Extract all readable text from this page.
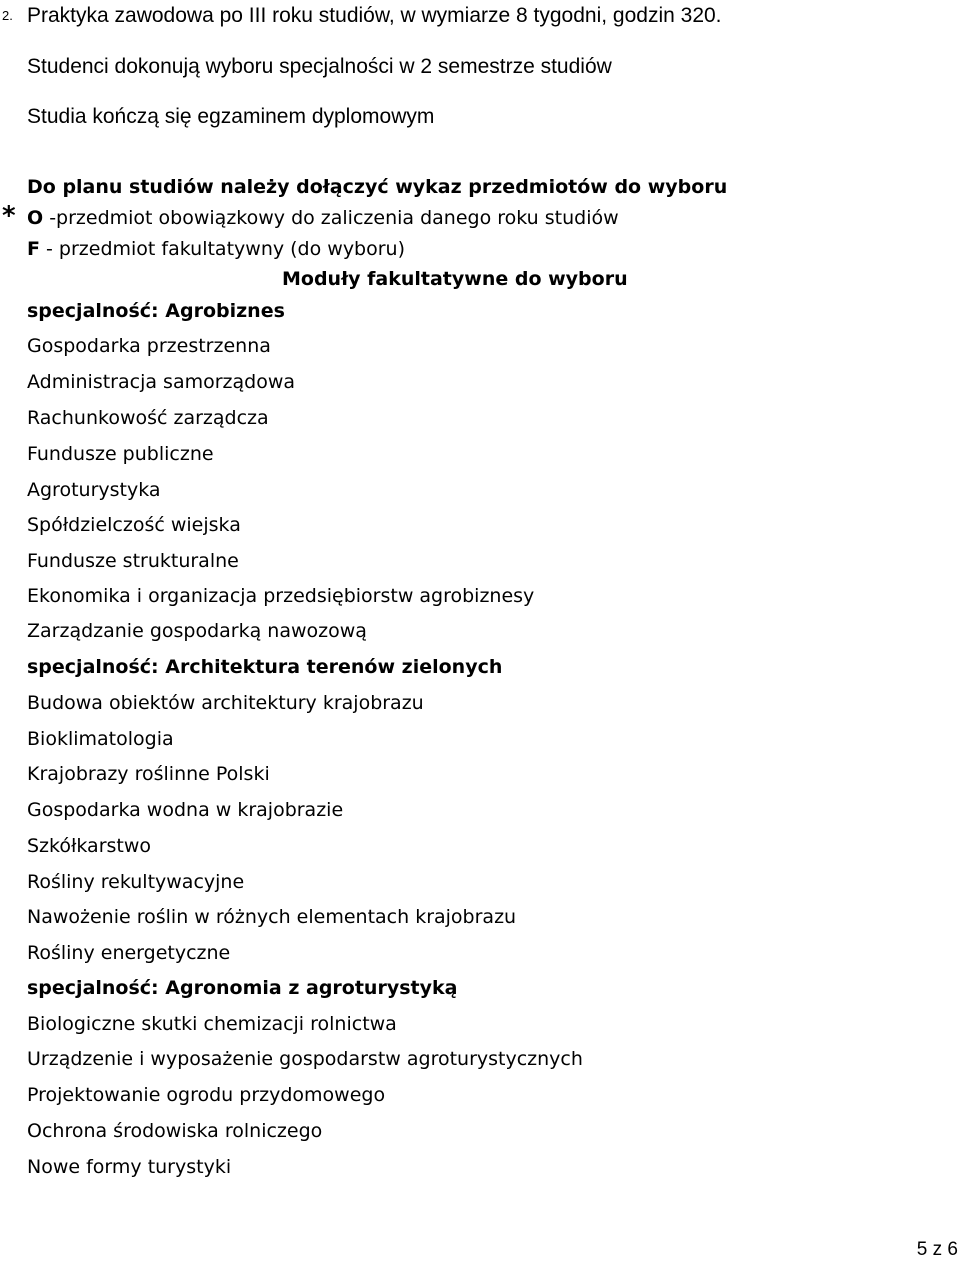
2. Praktyka zawodowa po III roku studiów, w wymiarze 8 tygodni, godzin 320.
Studenci dokonują wyboru specjalności w 2 semestrze studiów
Studia kończą się egzaminem dyplomowym
Do planu studiów należy dołączyć wykaz przedmiotów do wyboru
* O -przedmiot obowiązkowy do zaliczenia danego roku studiów
F - przedmiot fakultatywny (do wyboru)
Moduły fakultatywne do wyboru
specjalność: Agrobiznes
Gospodarka przestrzenna
Administracja samorządowa
Rachunkowość zarządcza
Fundusze publiczne
Agroturystyka
Spółdzielczość wiejska
Fundusze strukturalne
Ekonomika i organizacja przedsiębiorstw agrobiznesy
Zarządzanie gospodarką nawozową
specjalność: Architektura terenów zielonych
Budowa obiektów architektury krajobrazu
Bioklimatologia
Krajobrazy roślinne Polski
Gospodarka wodna w krajobrazie
Szkółkarstwo
Rośliny rekultywacyjne
Nawożenie roślin w różnych elementach krajobrazu
Rośliny energetyczne
specjalność: Agronomia z agroturystyką
Biologiczne skutki chemizacji rolnictwa
Urządzenie i wyposażenie gospodarstw agroturystycznych
Projektowanie ogrodu przydomowego
Ochrona środowiska rolniczego
Nowe formy turystyki
5 z 6
